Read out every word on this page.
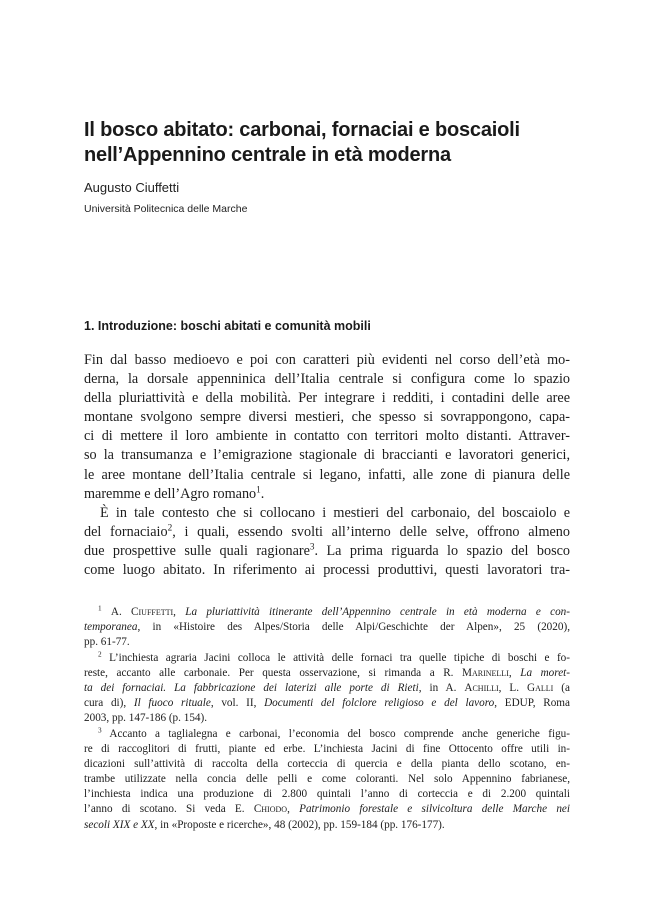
Il bosco abitato: carbonai, fornaciai e boscaioli
nell’Appennino centrale in età moderna
Augusto Ciuffetti
Università Politecnica delle Marche
1. Introduzione: boschi abitati e comunità mobili
Fin dal basso medioevo e poi con caratteri più evidenti nel corso dell’età mo-
derna, la dorsale appenninica dell’Italia centrale si configura come lo spazio
della pluriattività e della mobilità. Per integrare i redditi, i contadini delle aree
montane svolgono sempre diversi mestieri, che spesso si sovrappongono, capa-
ci di mettere il loro ambiente in contatto con territori molto distanti. Attraver-
so la transumanza e l’emigrazione stagionale di braccianti e lavoratori generici,
le aree montane dell’Italia centrale si legano, infatti, alle zone di pianura delle
maremme e dell’Agro romano$^1$.
È in tale contesto che si collocano i mestieri del carbonaio, del boscaiolo e
del fornaciaio$^2$, i quali, essendo svolti all’interno delle selve, offrono almeno
due prospettive sulle quali ragionare$^3$. La prima riguarda lo spazio del bosco
come luogo abitato. In riferimento ai processi produttivi, questi lavoratori tra-
$^1$ A. Ciuffetti, La pluriattività itinerante dell’Appennino centrale in età moderna e con-
temporanea, in «Histoire des Alpes/Storia delle Alpi/Geschichte der Alpen», 25 (2020),
pp. 61-77.
$^2$ L’inchiesta agraria Jacini colloca le attività delle fornaci tra quelle tipiche di boschi e fo-
reste, accanto alle carbonaie. Per questa osservazione, si rimanda a R. Marinelli, La moret-
ta dei fornaciai. La fabbricazione dei laterizi alle porte di Rieti, in A. Achilli, L. Galli (a
cura di), Il fuoco rituale, vol. II, Documenti del folclore religioso e del lavoro, EDUP, Roma
2003, pp. 147-186 (p. 154).
$^3$ Accanto a taglialegna e carbonai, l’economia del bosco comprende anche generiche figu-
re di raccoglitori di frutti, piante ed erbe. L’inchiesta Jacini di fine Ottocento offre utili in-
dicazioni sull’attività di raccolta della corteccia di quercia e della pianta dello scotano, en-
trambe utilizzate nella concia delle pelli e come coloranti. Nel solo Appennino fabrianese,
l’inchiesta indica una produzione di 2.800 quintali l’anno di corteccia e di 2.200 quintali
l’anno di scotano. Si veda E. Chiodo, Patrimonio forestale e silvicoltura delle Marche nei
secoli XIX e XX, in «Proposte e ricerche», 48 (2002), pp. 159-184 (pp. 176-177).
